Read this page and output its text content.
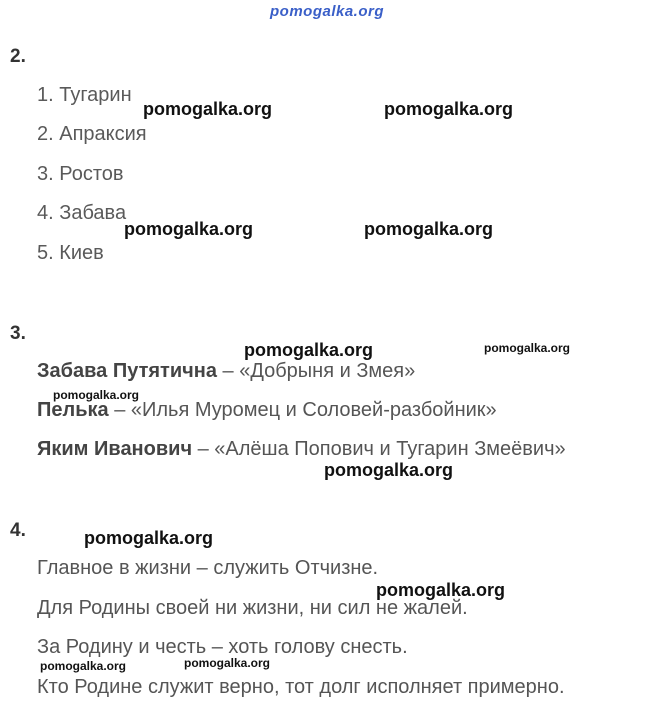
pomogalka.org
2.
1. Тугарин
2. Апраксия
3. Ростов
4. Забава
5. Киев
3.
Забава Путятична – «Добрыня и Змея»
Пелька – «Илья Муромец и Соловей-разбойник»
Яким Иванович – «Алёша Попович и Тугарин Змеёвич»
4.
Главное в жизни – служить Отчизне.
Для Родины своей ни жизни, ни сил не жалей.
За Родину и честь – хоть голову снесть.
Кто Родине служит верно, тот долг исполняет примерно.
pomogalka.org	pomogalka.org
pomogalka.org	pomogalka.org
pomogalka.org	pomogalka.org
pomogalka.org
pomogalka.org
pomogalka.org
pomogalka.org
pomogalka.org	pomogalka.org
